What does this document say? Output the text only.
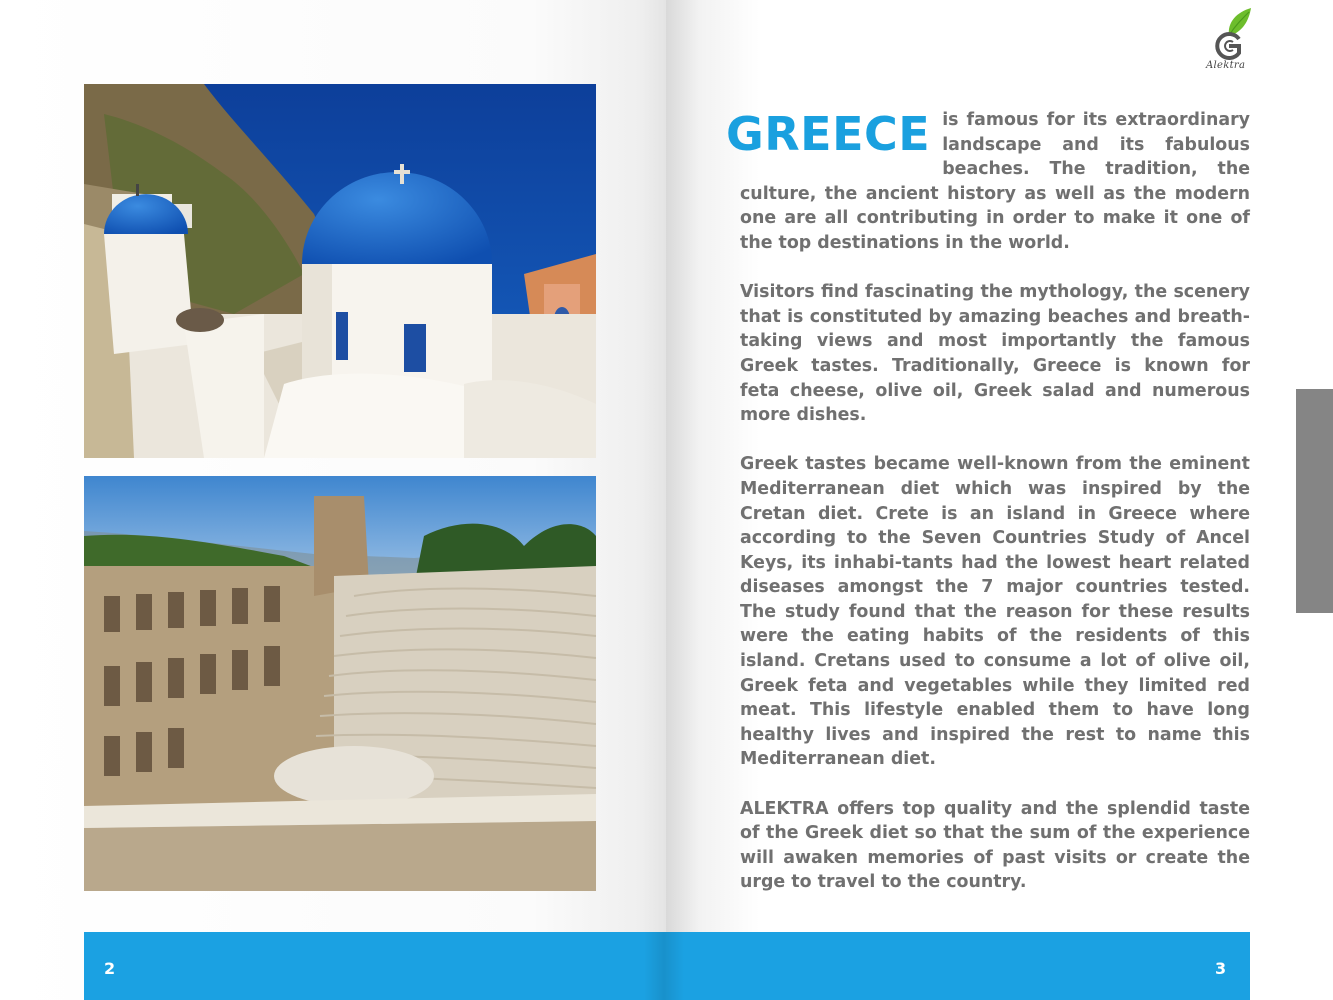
Alektra

GREECE is famous for its extraordinary landscape and its fabulous beaches. The tradition, the culture, the ancient history as well as the modern one are all contributing in order to make it one of the top destinations in the world.

Visitors find fascinating the mythology, the scenery that is constituted by amazing beaches and breath-taking views and most importantly the famous Greek tastes. Traditionally, Greece is known for feta cheese, olive oil, Greek salad and numerous more dishes.

Greek tastes became well-known from the eminent Mediterranean diet which was inspired by the Cretan diet. Crete is an island in Greece where according to the Seven Countries Study of Ancel Keys, its inhabi-tants had the lowest heart related diseases amongst the 7 major countries tested. The study found that the reason for these results were the eating habits of the residents of this island. Cretans used to consume a lot of olive oil, Greek feta and vegetables while they limited red meat. This lifestyle enabled them to have long healthy lives and inspired the rest to name this Mediterranean diet.

ALEKTRA offers top quality and the splendid taste of the Greek diet so that the sum of the experience will awaken memories of past visits or create the urge to travel to the country.

2	3
